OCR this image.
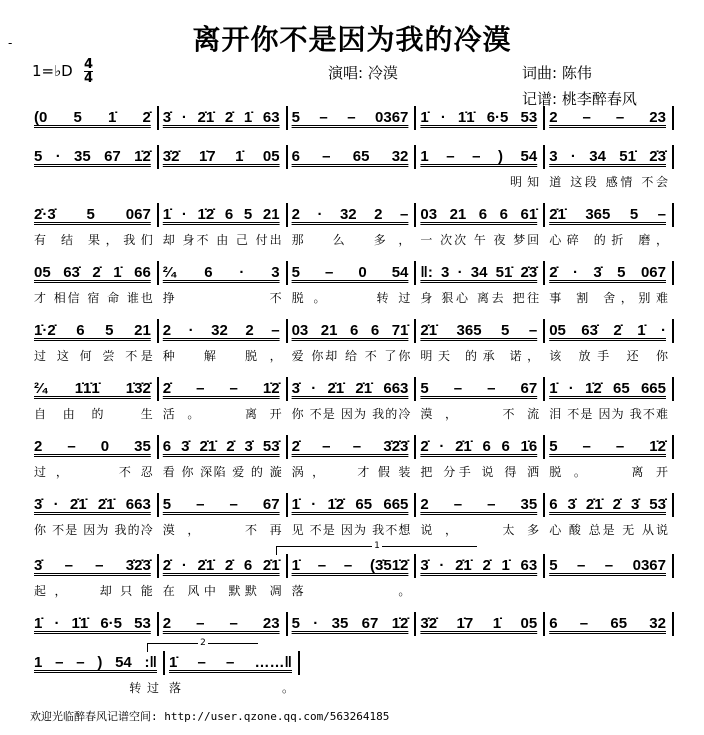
-	离开你不是因为我的冷漠
1=♭D 4
4	演唱: 冷漠	词曲: 陈伟
记谱: 桃李醉春风
(0 5 1̇ 2̇ 3̇ · 2̇1̇ 2̇ 1̇ 63 5 – – 0367 1̇ · 1̇1̇ 6·5 53 2 – – 23
5 · 35 67 1̇2̇ 3̇2̇ 1̇7 1̇ 05 6 – 65 32 1 – – ) 54
明知
3 · 34 51̇ 2̇3̇
道 这段 感情 不会
2̇·3̇ 5 067
有 结 果，我们
1̇ · 1̇2̇ 6 5 21
却 身不 由 己 付出
2 · 32 2 –
那 么 多，
03 21 6 6 61̇
一 次次 午 夜 梦回
2̇1̇ 365 5 –
心碎 的折 磨，
05 63̇ 2̇ 1̇ 66
才 相信 宿 命 谁也
²⁄₄ 6 · 3
挣 不
5 – 0 54
脱。   转过
‖: 3 · 34 51̇ 2̇3̇
身 狠心 离去 把往
2̇ · 3̇ 5 067
事 割 舍，别难
1̇·2̇ 6 5 21
过 这 何 尝 不是
2 · 32 2 –
种 解 脱，
03 21 6 6 71̇
爱 你却 给 不 了你
2̇1̇ 365 5 –
明天 的承 诺，
05 63̇ 2̇ 1̇ ·
该 放手 还 你
²⁄₄ 1̇1̇1̇ 1̇3̇2̇
自由的 生
2̇ – – 1̇2̇
活。  离开
3̇ · 2̇1̇ 2̇1̇ 663
你 不是 因为 我的冷
5 – – 67
漠，  不流
1̇ · 1̇2̇ 65 665
泪 不是 因为 我不难
2 – 0 35
过，   不忍
6 3̇ 2̇1̇ 2̇ 3̇ 53̇
看 你 深陷 爱 的 漩
2̇ – – 3̇2̇3̇
涡，  才假装
2̇ · 2̇1̇ 6 6 1̇6
把 分手 说 得 洒
5 – – 1̇2̇
脱。  离开
3̇ · 2̇1̇ 2̇1̇ 663
你 不是 因为 我的冷
5 – – 67
漠，  不再
1̇ · 1̇2̇ 65 665
见 不是 因为 我不想
2 – – 35
说，  太多
6 3̇ 2̇1̇ 2̇ 3̇ 53̇
心 酸 总是 无 从说
3̇ – – 3̇2̇3̇
起，  却只能
2̇ · 2̇1̇ 2̇ 6 2̇1̇
在 风中 默默 凋
1̇ – – (3̇51̇2̇
落。
3̇ · 2̇1̇ 2̇ 1̇ 63 5 – – 0367
1
1̇ · 1̇1̇ 6·5 53 2 – – 23 5 · 35 67 1̇2̇ 3̇2̇ 1̇7 1̇ 05 6 – 65 32
1 – – ) 54 :‖
转过
1̇ – – ……‖
落。
2
欢迎光临醉春风记谱空间: http://user.qzone.qq.com/563264185
